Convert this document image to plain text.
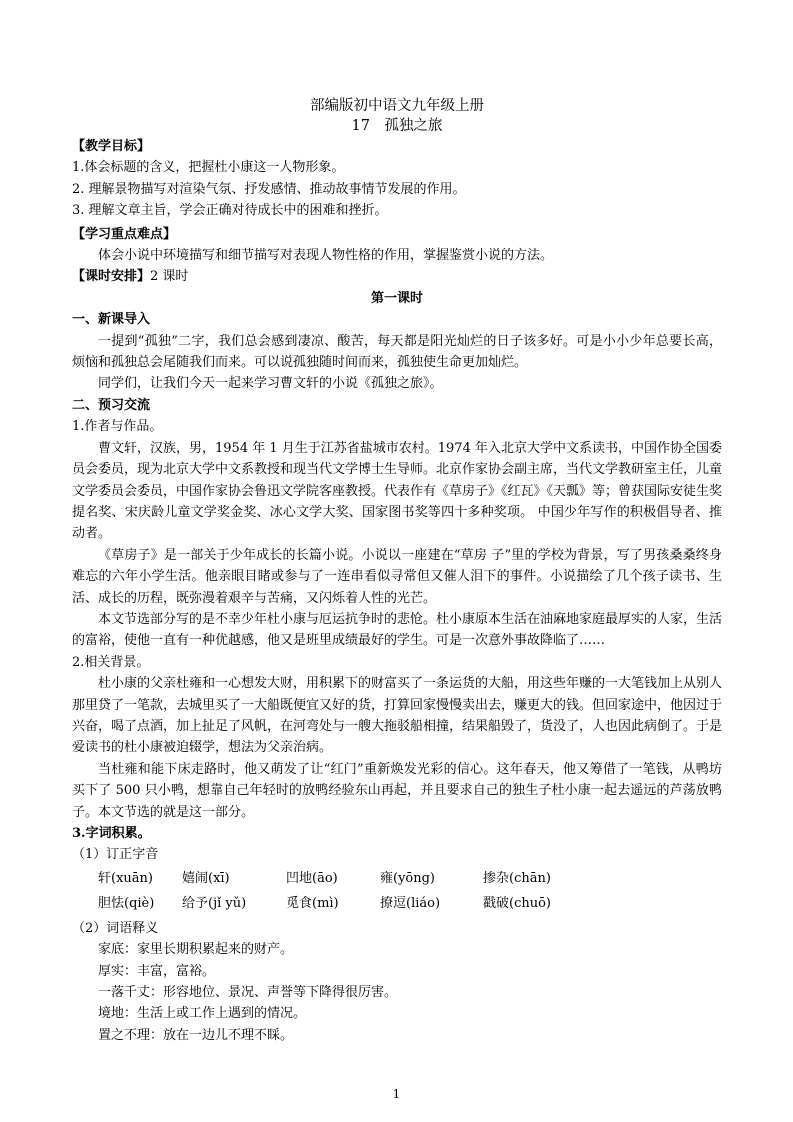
部编版初中语文九年级上册
17　孤独之旅
【教学目标】
1.体会标题的含义，把握杜小康这一人物形象。
2. 理解景物描写对渲染气氛、抒发感情、推动故事情节发展的作用。
3. 理解文章主旨，学会正确对待成长中的困难和挫折。
【学习重点难点】
体会小说中环境描写和细节描写对表现人物性格的作用，掌握鉴赏小说的方法。
【课时安排】2 课时
第一课时
一、新课导入
一提到“孤独”二字，我们总会感到凄凉、酸苦，每天都是阳光灿烂的日子该多好。可是小小少年总要长高，烦恼和孤独总会尾随我们而来。可以说孤独随时间而来，孤独使生命更加灿烂。
同学们，让我们今天一起来学习曹文轩的小说《孤独之旅》。
二、预习交流
1.作者与作品。
曹文轩，汉族，男，1954 年 1 月生于江苏省盐城市农村。1974 年入北京大学中文系读书，中国作协全国委员会委员，现为北京大学中文系教授和现当代文学博士生导师。北京作家协会副主席，当代文学教研室主任，儿童文学委员会委员，中国作家协会鲁迅文学院客座教授。代表作有《草房子》《红瓦》《天瓢》等；曾获国际安徒生奖提名奖、宋庆龄儿童文学奖金奖、冰心文学大奖、国家图书奖等四十多种奖项。 中国少年写作的积极倡导者、推动者。
《草房子》是一部关于少年成长的长篇小说。小说以一座建在“草房 子”里的学校为背景，写了男孩桑桑终身难忘的六年小学生活。他亲眼目睹或参与了一连串看似寻常但又催人泪下的事件。小说描绘了几个孩子读书、生活、成长的历程，既弥漫着艰辛与苦痛，又闪烁着人性的光芒。
本文节选部分写的是不幸少年杜小康与厄运抗争时的悲怆。杜小康原本生活在油麻地家庭最厚实的人家，生活的富裕，使他一直有一种优越感，他又是班里成绩最好的学生。可是一次意外事故降临了……
2.相关背景。
杜小康的父亲杜雍和一心想发大财，用积累下的财富买了一条运货的大船，用这些年赚的一大笔钱加上从别人那里贷了一笔款，去城里买了一大船既便宜又好的货，打算回家慢慢卖出去，赚更大的钱。但回家途中，他因过于兴奋，喝了点酒，加上扯足了风帆，在河弯处与一艘大拖驳船相撞，结果船毁了，货没了，人也因此病倒了。于是爱读书的杜小康被迫辍学，想法为父亲治病。
当杜雍和能下床走路时，他又萌发了让“红门”重新焕发光彩的信心。这年春天，他又筹借了一笔钱，从鸭坊买下了 500 只小鸭，想靠自己年轻时的放鸭经验东山再起，并且要求自己的独生子杜小康一起去遥远的芦荡放鸭子。本文节选的就是这一部分。
3.字词积累。
（1）订正字音
轩(xuān)	嬉闹(xī)	凹地(āo)	雍(yōng)	掺杂(chān)
胆怯(qiè)	给予(jǐ yǔ)	觅食(mì)	撩逗(liáo)	戳破(chuō)
（2）词语释义
家底：家里长期积累起来的财产。
厚实：丰富，富裕。
一落千丈：形容地位、景况、声誉等下降得很厉害。
境地：生活上或工作上遇到的情况。
置之不理：放在一边儿不理不睬。
1
